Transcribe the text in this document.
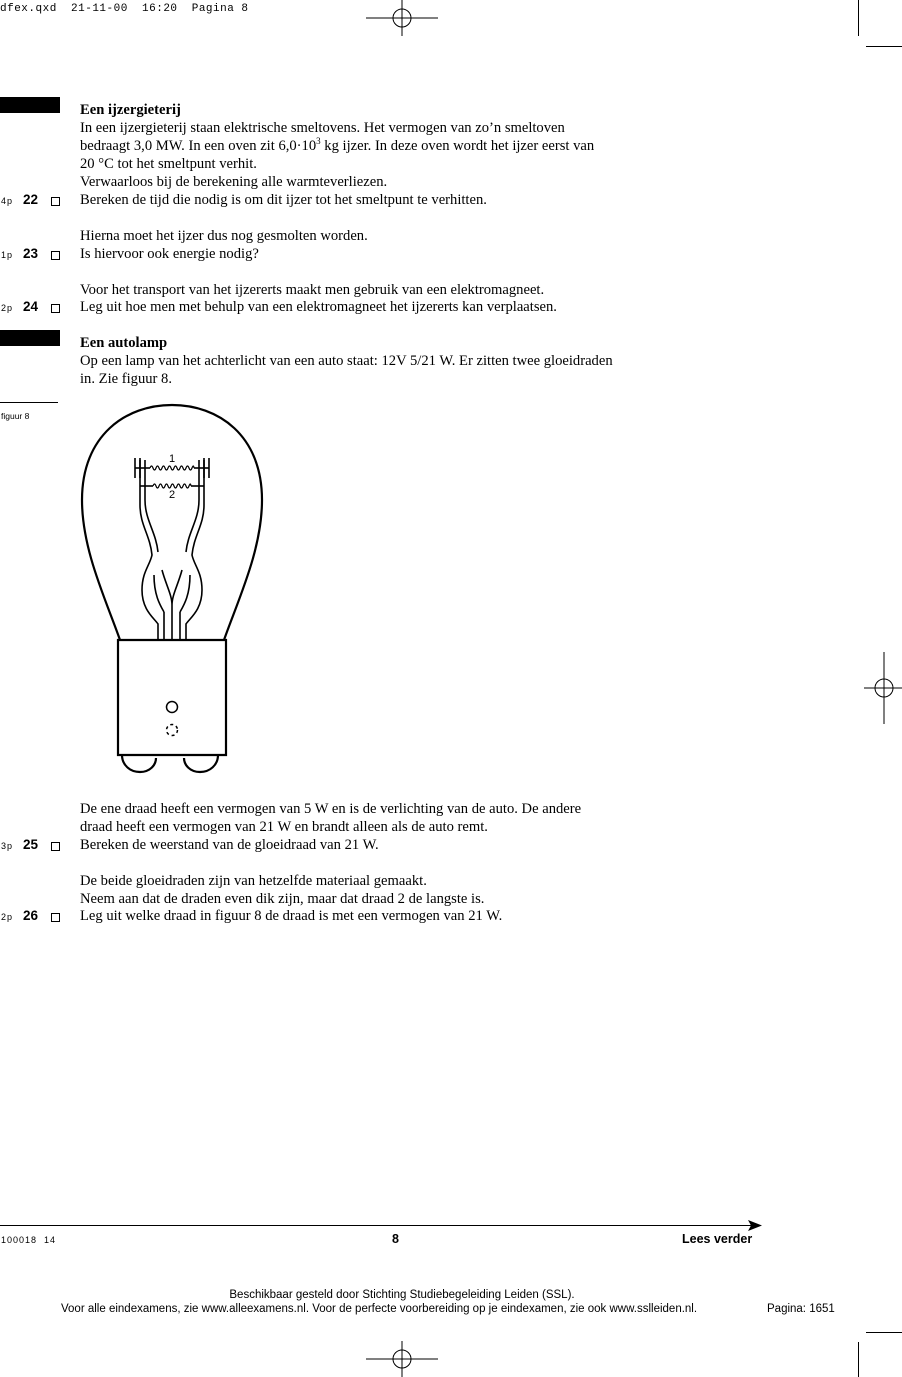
dfex.qxd  21-11-00  16:20  Pagina 8
Een ijzergieterij
In een ijzergieterij staan elektrische smeltovens. Het vermogen van zo’n smeltoven
bedraagt 3,0 MW. In een oven zit $6,0\cdot 10^3$ kg ijzer. In deze oven wordt het ijzer eerst van
20 °C tot het smeltpunt verhit.
Verwaarloos bij de berekening alle warmteverliezen.
4p 22	Bereken de tijd die nodig is om dit ijzer tot het smeltpunt te verhitten.
Hierna moet het ijzer dus nog gesmolten worden.
1p 23	Is hiervoor ook energie nodig?
Voor het transport van het ijzererts maakt men gebruik van een elektromagneet.
2p 24	Leg uit hoe men met behulp van een elektromagneet het ijzererts kan verplaatsen.
Een autolamp
Op een lamp van het achterlicht van een auto staat: 12V 5/21 W. Er zitten twee gloeidraden
in. Zie figuur 8.
figuur 8
1
2
De ene draad heeft een vermogen van 5 W en is de verlichting van de auto. De andere
draad heeft een vermogen van 21 W en brandt alleen als de auto remt.
3p 25	Bereken de weerstand van de gloeidraad van 21 W.
De beide gloeidraden zijn van hetzelfde materiaal gemaakt.
Neem aan dat de draden even dik zijn, maar dat draad 2 de langste is.
2p 26	Leg uit welke draad in figuur 8 de draad is met een vermogen van 21 W.
100018  14	8	Lees verder
Beschikbaar gesteld door Stichting Studiebegeleiding Leiden (SSL).
Voor alle eindexamens, zie www.alleexamens.nl. Voor de perfecte voorbereiding op je eindexamen, zie ook www.sslleiden.nl.	Pagina: 1651
